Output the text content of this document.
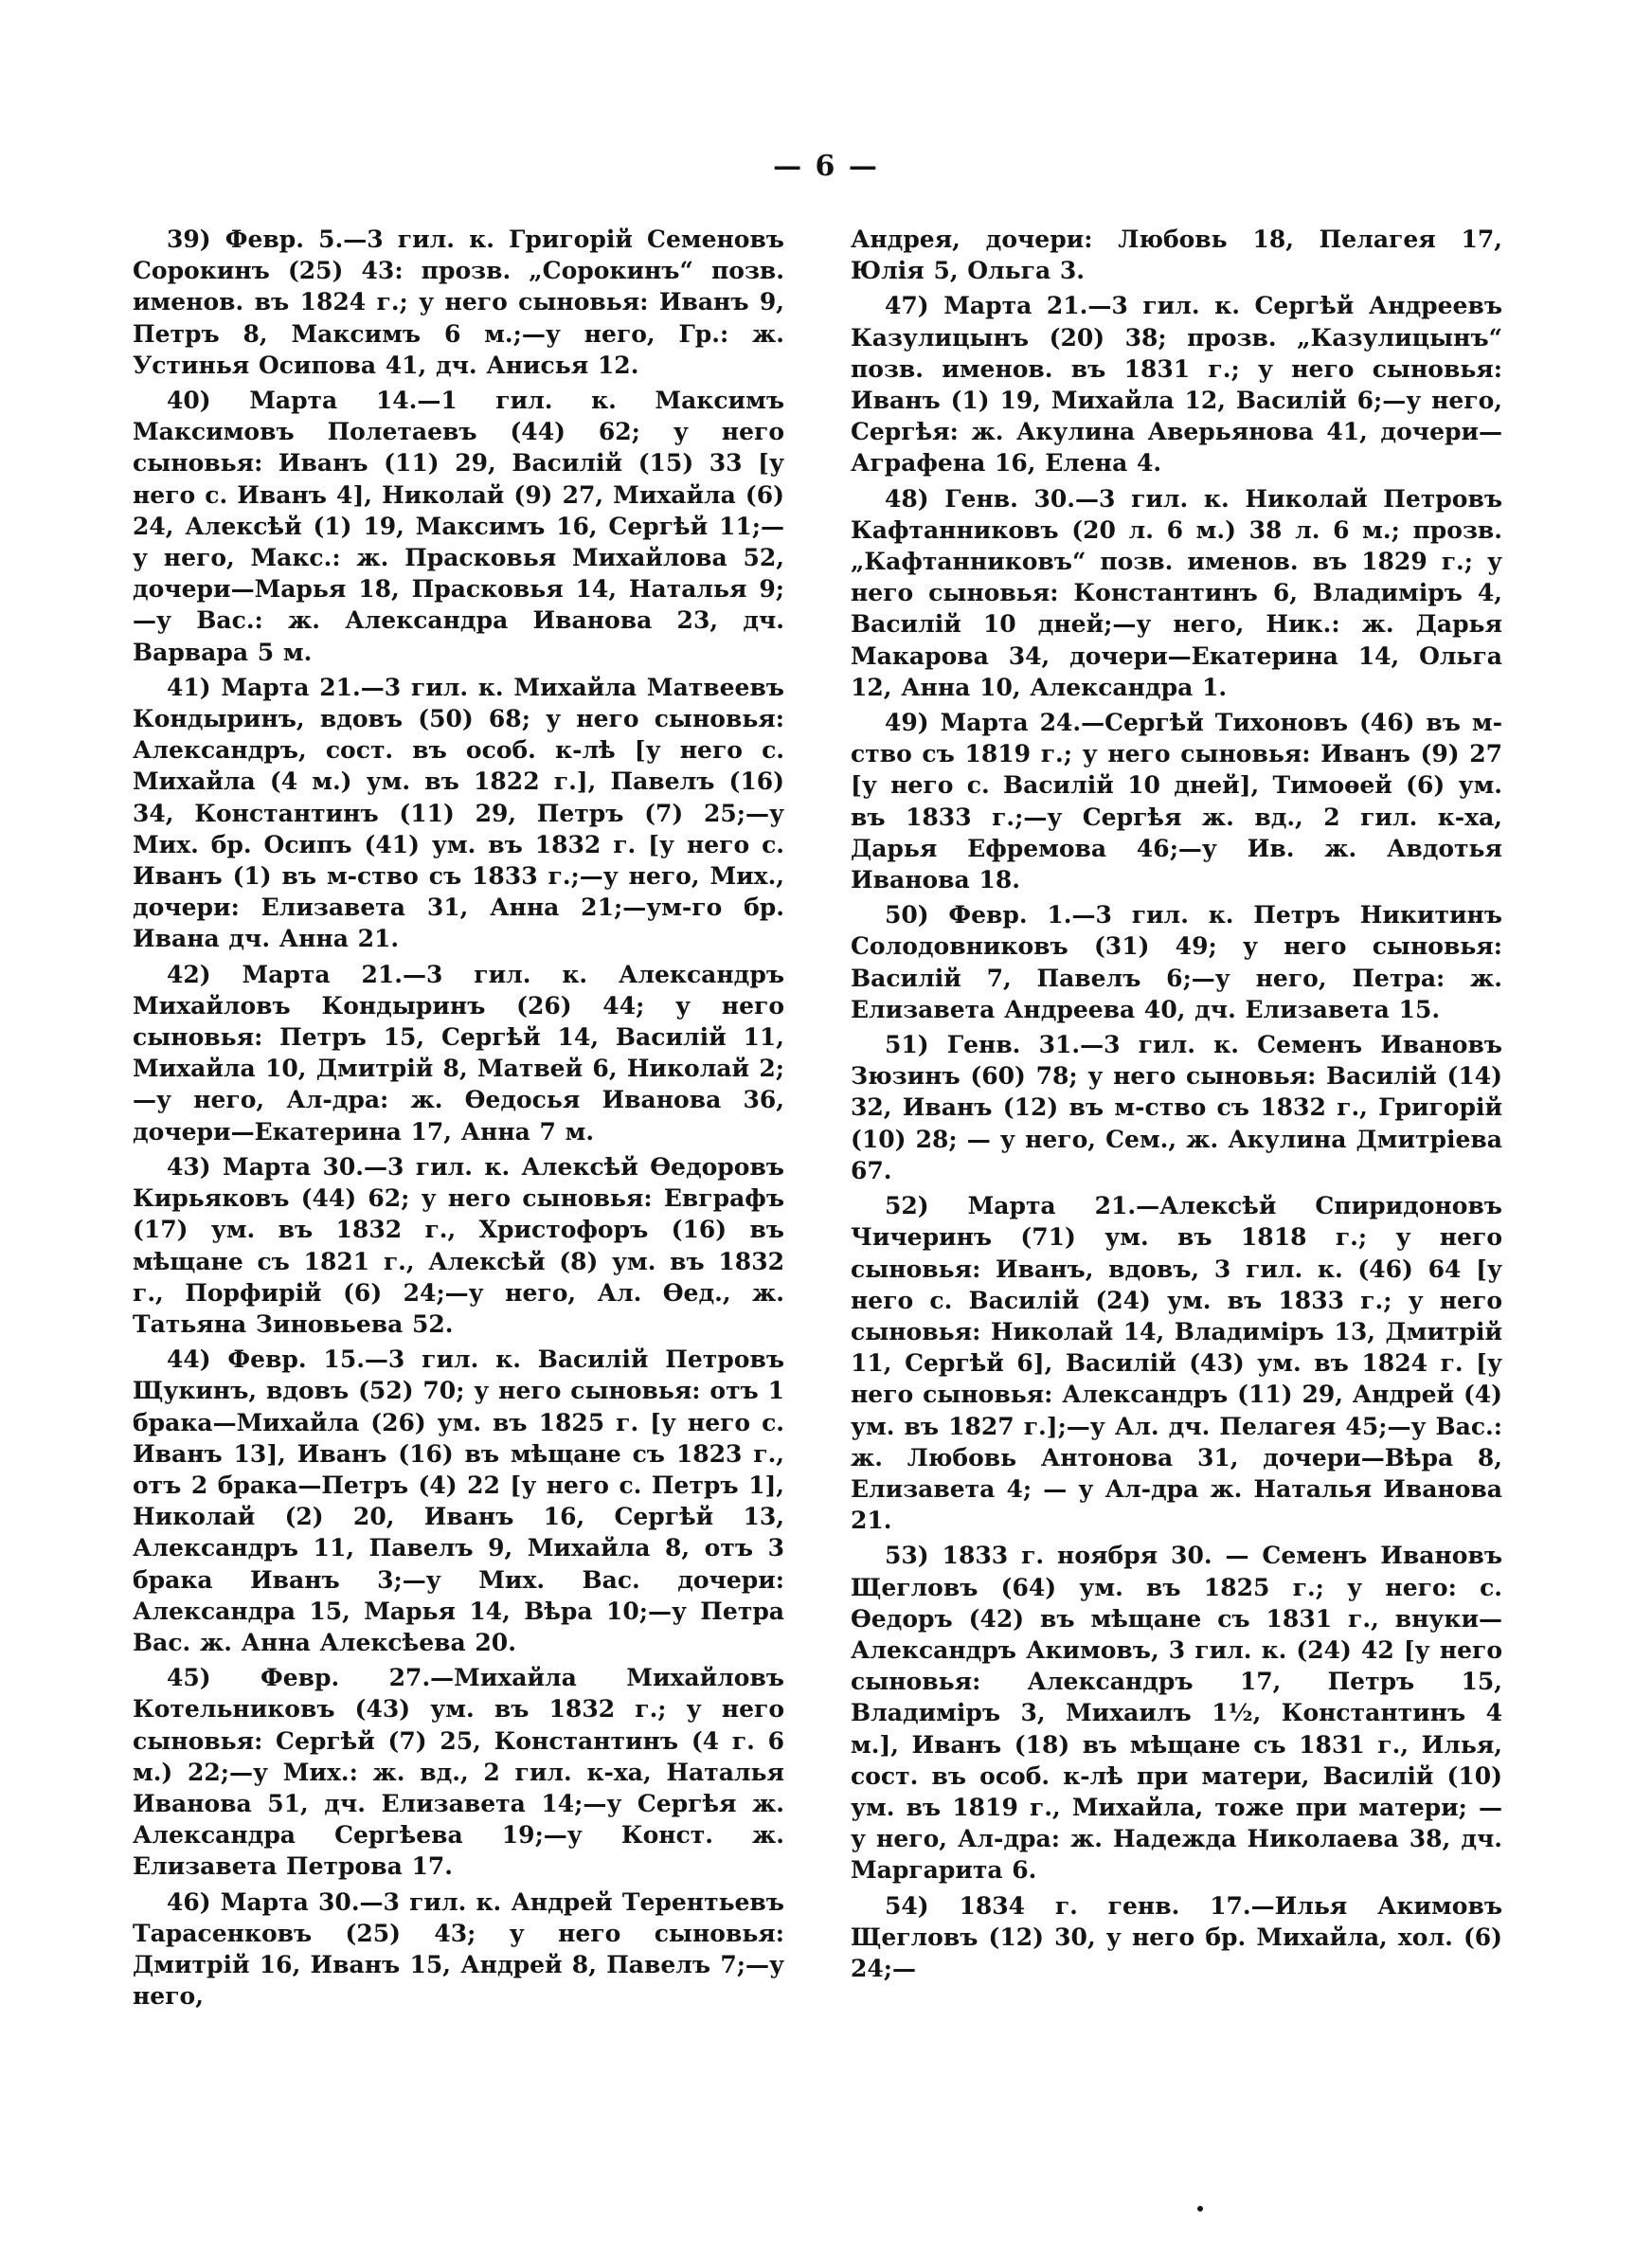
— 6 —

39) Февр. 5.—3 гил. к. Григорій Семеновъ Сорокинъ (25) 43: прозв. „Сорокинъ“ позв. именов. въ 1824 г.; у него сыновья: Иванъ 9, Петръ 8, Максимъ 6 м.;—у него, Гр.: ж. Устинья Осипова 41, дч. Анисья 12.

40) Марта 14.—1 гил. к. Максимъ Максимовъ Полетаевъ (44) 62; у него сыновья: Иванъ (11) 29, Василій (15) 33 [у него с. Иванъ 4], Николай (9) 27, Михайла (6) 24, Алексѣй (1) 19, Максимъ 16, Сергѣй 11;—у него, Макс.: ж. Прасковья Михайлова 52, дочери—Марья 18, Прасковья 14, Наталья 9;—у Вас.: ж. Александра Иванова 23, дч. Варвара 5 м.

41) Марта 21.—3 гил. к. Михайла Матвеевъ Кондыринъ, вдовъ (50) 68; у него сыновья: Александръ, сост. въ особ. к-лѣ [у него с. Михайла (4 м.) ум. въ 1822 г.], Павелъ (16) 34, Константинъ (11) 29, Петръ (7) 25;—у Мих. бр. Осипъ (41) ум. въ 1832 г. [у него с. Иванъ (1) въ м-ство съ 1833 г.;—у него, Мих., дочери: Елизавета 31, Анна 21;—ум-го бр. Ивана дч. Анна 21.

42) Марта 21.—3 гил. к. Александръ Михайловъ Кондыринъ (26) 44; у него сыновья: Петръ 15, Сергѣй 14, Василій 11, Михайла 10, Дмитрій 8, Матвей 6, Николай 2;—у него, Ал-дра: ж. Ѳедосья Иванова 36, дочери—Екатерина 17, Анна 7 м.

43) Марта 30.—3 гил. к. Алексѣй Ѳедоровъ Кирьяковъ (44) 62; у него сыновья: Евграфъ (17) ум. въ 1832 г., Христофоръ (16) въ мѣщане съ 1821 г., Алексѣй (8) ум. въ 1832 г., Порфирій (6) 24;—у него, Ал. Ѳед., ж. Татьяна Зиновьева 52.

44) Февр. 15.—3 гил. к. Василій Петровъ Щукинъ, вдовъ (52) 70; у него сыновья: отъ 1 брака—Михайла (26) ум. въ 1825 г. [у него с. Иванъ 13], Иванъ (16) въ мѣщане съ 1823 г., отъ 2 брака—Петръ (4) 22 [у него с. Петръ 1], Николай (2) 20, Иванъ 16, Сергѣй 13, Александръ 11, Павелъ 9, Михайла 8, отъ 3 брака Иванъ 3;—у Мих. Вас. дочери: Александра 15, Марья 14, Вѣра 10;—у Петра Вас. ж. Анна Алексѣева 20.

45) Февр. 27.—Михайла Михайловъ Котельниковъ (43) ум. въ 1832 г.; у него сыновья: Сергѣй (7) 25, Константинъ (4 г. 6 м.) 22;—у Мих.: ж. вд., 2 гил. к-ха, Наталья Иванова 51, дч. Елизавета 14;—у Сергѣя ж. Александра Сергѣева 19;—у Конст. ж. Елизавета Петрова 17.

46) Марта 30.—3 гил. к. Андрей Терентьевъ Тарасенковъ (25) 43; у него сыновья: Дмитрій 16, Иванъ 15, Андрей 8, Павелъ 7;—у него,

Андрея, дочери: Любовь 18, Пелагея 17, Юлія 5, Ольга 3.

47) Марта 21.—3 гил. к. Сергѣй Андреевъ Казулицынъ (20) 38; прозв. „Казулицынъ“ позв. именов. въ 1831 г.; у него сыновья: Иванъ (1) 19, Михайла 12, Василій 6;—у него, Сергѣя: ж. Акулина Аверьянова 41, дочери—Аграфена 16, Елена 4.

48) Генв. 30.—3 гил. к. Николай Петровъ Кафтанниковъ (20 л. 6 м.) 38 л. 6 м.; прозв. „Кафтанниковъ“ позв. именов. въ 1829 г.; у него сыновья: Константинъ 6, Владиміръ 4, Василій 10 дней;—у него, Ник.: ж. Дарья Макарова 34, дочери—Екатерина 14, Ольга 12, Анна 10, Александра 1.

49) Марта 24.—Сергѣй Тихоновъ (46) въ м-ство съ 1819 г.; у него сыновья: Иванъ (9) 27 [у него с. Василій 10 дней], Тимоѳей (6) ум. въ 1833 г.;—у Сергѣя ж. вд., 2 гил. к-ха, Дарья Ефремова 46;—у Ив. ж. Авдотья Иванова 18.

50) Февр. 1.—3 гил. к. Петръ Никитинъ Солодовниковъ (31) 49; у него сыновья: Василій 7, Павелъ 6;—у него, Петра: ж. Елизавета Андреева 40, дч. Елизавета 15.

51) Генв. 31.—3 гил. к. Семенъ Ивановъ Зюзинъ (60) 78; у него сыновья: Василій (14) 32, Иванъ (12) въ м-ство съ 1832 г., Григорій (10) 28; — у него, Сем., ж. Акулина Дмитріева 67.

52) Марта 21.—Алексѣй Спиридоновъ Чичеринъ (71) ум. въ 1818 г.; у него сыновья: Иванъ, вдовъ, 3 гил. к. (46) 64 [у него с. Василій (24) ум. въ 1833 г.; у него сыновья: Николай 14, Владиміръ 13, Дмитрій 11, Сергѣй 6], Василій (43) ум. въ 1824 г. [у него сыновья: Александръ (11) 29, Андрей (4) ум. въ 1827 г.];—у Ал. дч. Пелагея 45;—у Вас.: ж. Любовь Антонова 31, дочери—Вѣра 8, Елизавета 4; — у Ал-дра ж. Наталья Иванова 21.

53) 1833 г. ноября 30. — Семенъ Ивановъ Щегловъ (64) ум. въ 1825 г.; у него: с. Ѳедоръ (42) въ мѣщане съ 1831 г., внуки—Александръ Акимовъ, 3 гил. к. (24) 42 [у него сыновья: Александръ 17, Петръ 15, Владиміръ 3, Михаилъ 1½, Константинъ 4 м.], Иванъ (18) въ мѣщане съ 1831 г., Илья, сост. въ особ. к-лѣ при матери, Василій (10) ум. въ 1819 г., Михайла, тоже при матери; — у него, Ал-дра: ж. Надежда Николаева 38, дч. Маргарита 6.

54) 1834 г. генв. 17.—Илья Акимовъ Щегловъ (12) 30, у него бр. Михайла, хол. (6) 24;—
